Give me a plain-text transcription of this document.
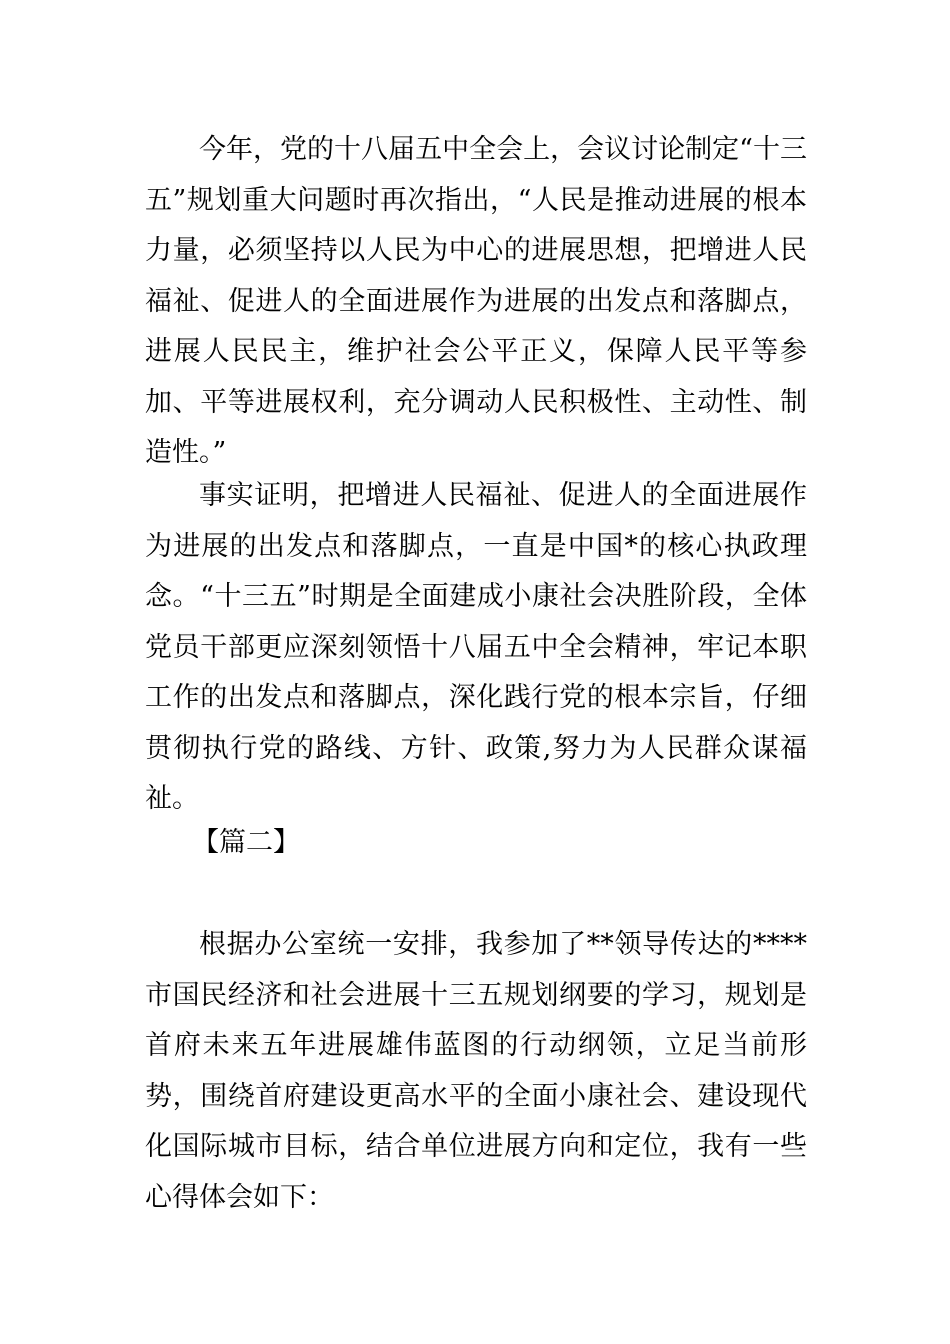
今年，党的十八届五中全会上，会议讨论制定“十三五”规划重大问题时再次指出，“人民是推动进展的根本力量，必须坚持以人民为中心的进展思想，把增进人民福祉、促进人的全面进展作为进展的出发点和落脚点，进展人民民主，维护社会公平正义，保障人民平等参加、平等进展权利，充分调动人民积极性、主动性、制造性。”

事实证明，把增进人民福祉、促进人的全面进展作为进展的出发点和落脚点，一直是中国*的核心执政理念。“十三五”时期是全面建成小康社会决胜阶段，全体党员干部更应深刻领悟十八届五中全会精神，牢记本职工作的出发点和落脚点，深化践行党的根本宗旨，仔细贯彻执行党的路线、方针、政策,努力为人民群众谋福祉。

【篇二】

根据办公室统一安排，我参加了**领导传达的****市国民经济和社会进展十三五规划纲要的学习，规划是首府未来五年进展雄伟蓝图的行动纲领，立足当前形势，围绕首府建设更高水平的全面小康社会、建设现代化国际城市目标，结合单位进展方向和定位，我有一些心得体会如下：
